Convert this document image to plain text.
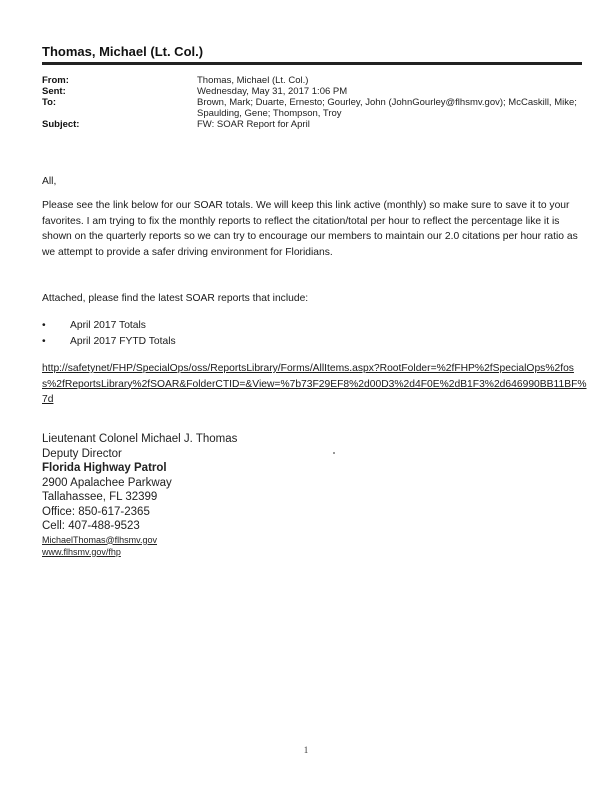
Thomas, Michael (Lt. Col.)
From:	Thomas, Michael (Lt. Col.)
Sent:	Wednesday, May 31, 2017 1:06 PM
To:	Brown, Mark; Duarte, Ernesto; Gourley, John (JohnGourley@flhsmv.gov); McCaskill, Mike; Spaulding, Gene; Thompson, Troy
Subject:	FW: SOAR Report for April
All,
Please see the link below for our SOAR totals. We will keep this link active (monthly) so make sure to save it to your favorites. I am trying to fix the monthly reports to reflect the citation/total per hour to reflect the percentage like it is shown on the quarterly reports so we can try to encourage our members to maintain our 2.0 citations per hour ratio as we attempt to provide a safer driving environment for Floridians.
Attached, please find the latest SOAR reports that include:
•	April 2017 Totals
•	April 2017 FYTD Totals
http://safetynet/FHP/SpecialOps/oss/ReportsLibrary/Forms/AllItems.aspx?RootFolder=%2fFHP%2fSpecialOps%2foss%2fReportsLibrary%2fSOAR&FolderCTID=&View=%7b73F29EF8%2d00D3%2d4F0E%2dB1F3%2d646990BB11BF%7d
Lieutenant Colonel Michael J. Thomas
Deputy Director
Florida Highway Patrol
2900 Apalachee Parkway
Tallahassee, FL 32399
Office: 850-617-2365
Cell: 407-488-9523
MichaelThomas@flhsmv.gov
www.flhsmv.gov/fhp
1
